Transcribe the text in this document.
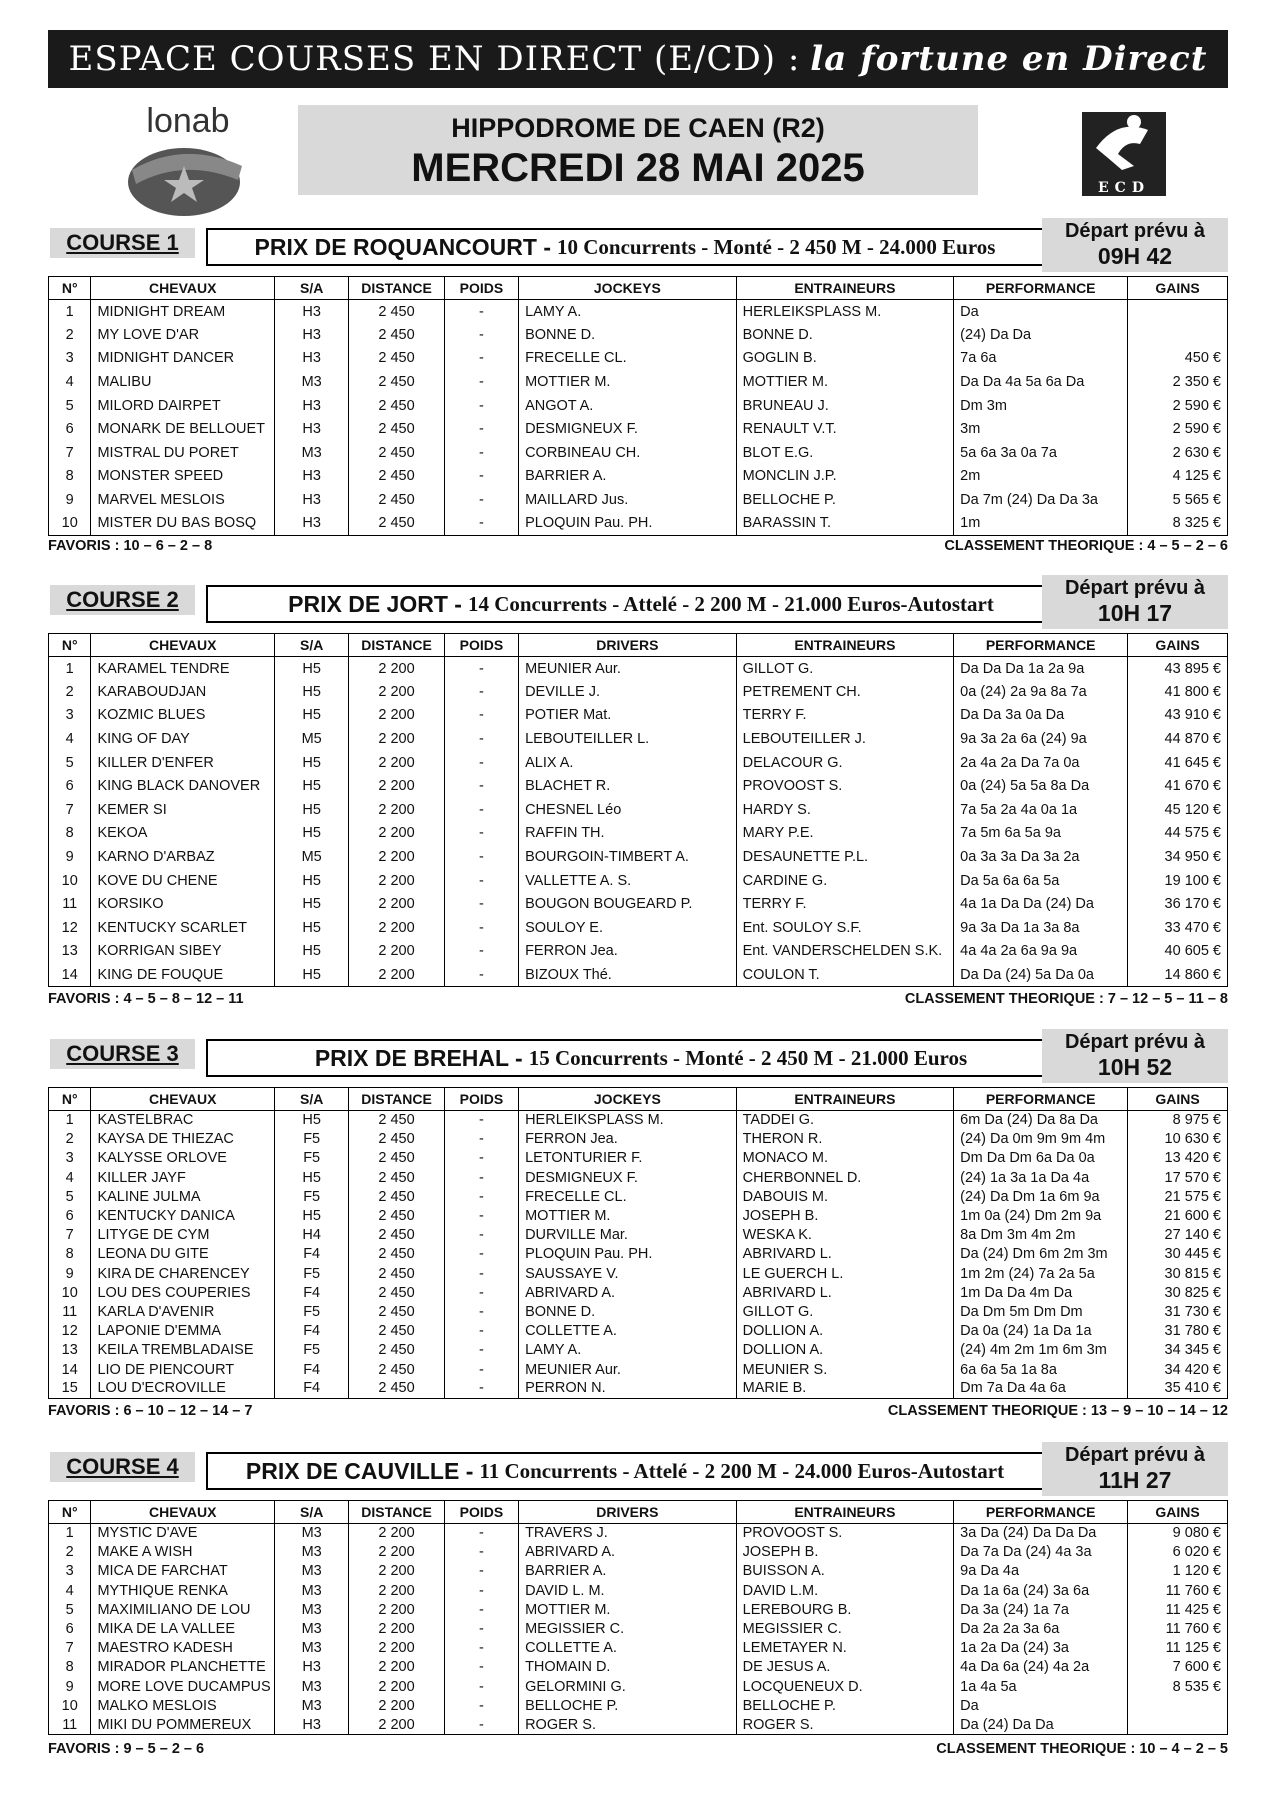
ESPACE COURSES EN DIRECT (E/CD) : la fortune en Direct
lonab	HIPPODROME DE CAEN (R2)
MERCREDI 28 MAI 2025	ECD
COURSE 1	PRIX DE ROQUANCOURT - 10 Concurrents - Monté - 2 450 M - 24.000 Euros
Départ prévu à
09H 42
N°	CHEVAUX	S/A	DISTANCE	POIDS	JOCKEYS	ENTRAINEURS	PERFORMANCE	GAINS
1	MIDNIGHT DREAM	H3	2 450	-	LAMY A.	HERLEIKSPLASS M.	Da	
2	MY LOVE D'AR	H3	2 450	-	BONNE D.	BONNE D.	(24) Da Da	
3	MIDNIGHT DANCER	H3	2 450	-	FRECELLE CL.	GOGLIN B.	7a 6a	450 €
4	MALIBU	M3	2 450	-	MOTTIER M.	MOTTIER M.	Da Da 4a 5a 6a Da	2 350 €
5	MILORD DAIRPET	H3	2 450	-	ANGOT A.	BRUNEAU J.	Dm 3m	2 590 €
6	MONARK DE BELLOUET	H3	2 450	-	DESMIGNEUX F.	RENAULT V.T.	3m	2 590 €
7	MISTRAL DU PORET	M3	2 450	-	CORBINEAU CH.	BLOT E.G.	5a 6a 3a 0a 7a	2 630 €
8	MONSTER SPEED	H3	2 450	-	BARRIER A.	MONCLIN J.P.	2m	4 125 €
9	MARVEL MESLOIS	H3	2 450	-	MAILLARD Jus.	BELLOCHE P.	Da 7m (24) Da Da 3a	5 565 €
10	MISTER DU BAS BOSQ	H3	2 450	-	PLOQUIN Pau. PH.	BARASSIN T.	1m	8 325 €
FAVORIS : 10 – 6 – 2 – 8	CLASSEMENT THEORIQUE : 4 – 5 – 2 – 6
COURSE 2	PRIX DE JORT - 14 Concurrents - Attelé - 2 200 M - 21.000 Euros-Autostart
Départ prévu à
10H 17
N°	CHEVAUX	S/A	DISTANCE	POIDS	DRIVERS	ENTRAINEURS	PERFORMANCE	GAINS
1	KARAMEL TENDRE	H5	2 200	-	MEUNIER Aur.	GILLOT G.	Da Da Da 1a 2a 9a	43 895 €
2	KARABOUDJAN	H5	2 200	-	DEVILLE J.	PETREMENT CH.	0a (24) 2a 9a 8a 7a	41 800 €
3	KOZMIC BLUES	H5	2 200	-	POTIER Mat.	TERRY F.	Da Da 3a 0a Da	43 910 €
4	KING OF DAY	M5	2 200	-	LEBOUTEILLER L.	LEBOUTEILLER J.	9a 3a 2a 6a (24) 9a	44 870 €
5	KILLER D'ENFER	H5	2 200	-	ALIX A.	DELACOUR G.	2a 4a 2a Da 7a 0a	41 645 €
6	KING BLACK DANOVER	H5	2 200	-	BLACHET R.	PROVOOST S.	0a (24) 5a 5a 8a Da	41 670 €
7	KEMER SI	H5	2 200	-	CHESNEL Léo	HARDY S.	7a 5a 2a 4a 0a 1a	45 120 €
8	KEKOA	H5	2 200	-	RAFFIN TH.	MARY P.E.	7a 5m 6a 5a 9a	44 575 €
9	KARNO D'ARBAZ	M5	2 200	-	BOURGOIN-TIMBERT A.	DESAUNETTE P.L.	0a 3a 3a Da 3a 2a	34 950 €
10	KOVE DU CHENE	H5	2 200	-	VALLETTE A. S.	CARDINE G.	Da 5a 6a 6a 5a	19 100 €
11	KORSIKO	H5	2 200	-	BOUGON BOUGEARD P.	TERRY F.	4a 1a Da Da (24) Da	36 170 €
12	KENTUCKY SCARLET	H5	2 200	-	SOULOY E.	Ent. SOULOY S.F.	9a 3a Da 1a 3a 8a	33 470 €
13	KORRIGAN SIBEY	H5	2 200	-	FERRON Jea.	Ent. VANDERSCHELDEN S.K.	4a 4a 2a 6a 9a 9a	40 605 €
14	KING DE FOUQUE	H5	2 200	-	BIZOUX Thé.	COULON T.	Da Da (24) 5a Da 0a	14 860 €
FAVORIS : 4 – 5 – 8 – 12 – 11	CLASSEMENT THEORIQUE : 7 – 12 – 5 – 11 – 8
COURSE 3	PRIX DE BREHAL - 15 Concurrents - Monté - 2 450 M - 21.000 Euros
Départ prévu à
10H 52
N°	CHEVAUX	S/A	DISTANCE	POIDS	JOCKEYS	ENTRAINEURS	PERFORMANCE	GAINS
1	KASTELBRAC	H5	2 450	-	HERLEIKSPLASS M.	TADDEI G.	6m Da (24) Da 8a Da	8 975 €
2	KAYSA DE THIEZAC	F5	2 450	-	FERRON Jea.	THERON R.	(24) Da 0m 9m 9m 4m	10 630 €
3	KALYSSE ORLOVE	F5	2 450	-	LETONTURIER F.	MONACO M.	Dm Da Dm 6a Da 0a	13 420 €
4	KILLER JAYF	H5	2 450	-	DESMIGNEUX F.	CHERBONNEL D.	(24) 1a 3a 1a Da 4a	17 570 €
5	KALINE JULMA	F5	2 450	-	FRECELLE CL.	DABOUIS M.	(24) Da Dm 1a 6m 9a	21 575 €
6	KENTUCKY DANICA	H5	2 450	-	MOTTIER M.	JOSEPH B.	1m 0a (24) Dm 2m 9a	21 600 €
7	LITYGE DE CYM	H4	2 450	-	DURVILLE Mar.	WESKA K.	8a Dm 3m 4m 2m	27 140 €
8	LEONA DU GITE	F4	2 450	-	PLOQUIN Pau. PH.	ABRIVARD L.	Da (24) Dm 6m 2m 3m	30 445 €
9	KIRA DE CHARENCEY	F5	2 450	-	SAUSSAYE V.	LE GUERCH L.	1m 2m (24) 7a 2a 5a	30 815 €
10	LOU DES COUPERIES	F4	2 450	-	ABRIVARD A.	ABRIVARD L.	1m Da Da 4m Da	30 825 €
11	KARLA D'AVENIR	F5	2 450	-	BONNE D.	GILLOT G.	Da Dm 5m Dm Dm	31 730 €
12	LAPONIE D'EMMA	F4	2 450	-	COLLETTE A.	DOLLION A.	Da 0a (24) 1a Da 1a	31 780 €
13	KEILA TREMBLADAISE	F5	2 450	-	LAMY A.	DOLLION A.	(24) 4m 2m 1m 6m 3m	34 345 €
14	LIO DE PIENCOURT	F4	2 450	-	MEUNIER Aur.	MEUNIER S.	6a 6a 5a 1a 8a	34 420 €
15	LOU D'ECROVILLE	F4	2 450	-	PERRON N.	MARIE B.	Dm 7a Da 4a 6a	35 410 €
FAVORIS : 6 – 10 – 12 – 14 – 7	CLASSEMENT THEORIQUE : 13 – 9 – 10 – 14 – 12
COURSE 4	PRIX DE CAUVILLE - 11 Concurrents - Attelé - 2 200 M - 24.000 Euros-Autostart
Départ prévu à
11H 27
N°	CHEVAUX	S/A	DISTANCE	POIDS	DRIVERS	ENTRAINEURS	PERFORMANCE	GAINS
1	MYSTIC D'AVE	M3	2 200	-	TRAVERS J.	PROVOOST S.	3a Da (24) Da Da Da	9 080 €
2	MAKE A WISH	M3	2 200	-	ABRIVARD A.	JOSEPH B.	Da 7a Da (24) 4a 3a	6 020 €
3	MICA DE FARCHAT	M3	2 200	-	BARRIER A.	BUISSON A.	9a Da 4a	1 120 €
4	MYTHIQUE RENKA	M3	2 200	-	DAVID L. M.	DAVID L.M.	Da 1a 6a (24) 3a 6a	11 760 €
5	MAXIMILIANO DE LOU	M3	2 200	-	MOTTIER M.	LEREBOURG B.	Da 3a (24) 1a 7a	11 425 €
6	MIKA DE LA VALLEE	M3	2 200	-	MEGISSIER C.	MEGISSIER C.	Da 2a 2a 3a 6a	11 760 €
7	MAESTRO KADESH	M3	2 200	-	COLLETTE A.	LEMETAYER N.	1a 2a Da (24) 3a	11 125 €
8	MIRADOR PLANCHETTE	H3	2 200	-	THOMAIN D.	DE JESUS A.	4a Da 6a (24) 4a 2a	7 600 €
9	MORE LOVE DUCAMPUS	M3	2 200	-	GELORMINI G.	LOCQUENEUX D.	1a 4a 5a	8 535 €
10	MALKO MESLOIS	M3	2 200	-	BELLOCHE P.	BELLOCHE P.	Da	
11	MIKI DU POMMEREUX	H3	2 200	-	ROGER S.	ROGER S.	Da (24) Da Da	
FAVORIS : 9 – 5 – 2 – 6	CLASSEMENT THEORIQUE : 10 – 4 – 2 – 5
